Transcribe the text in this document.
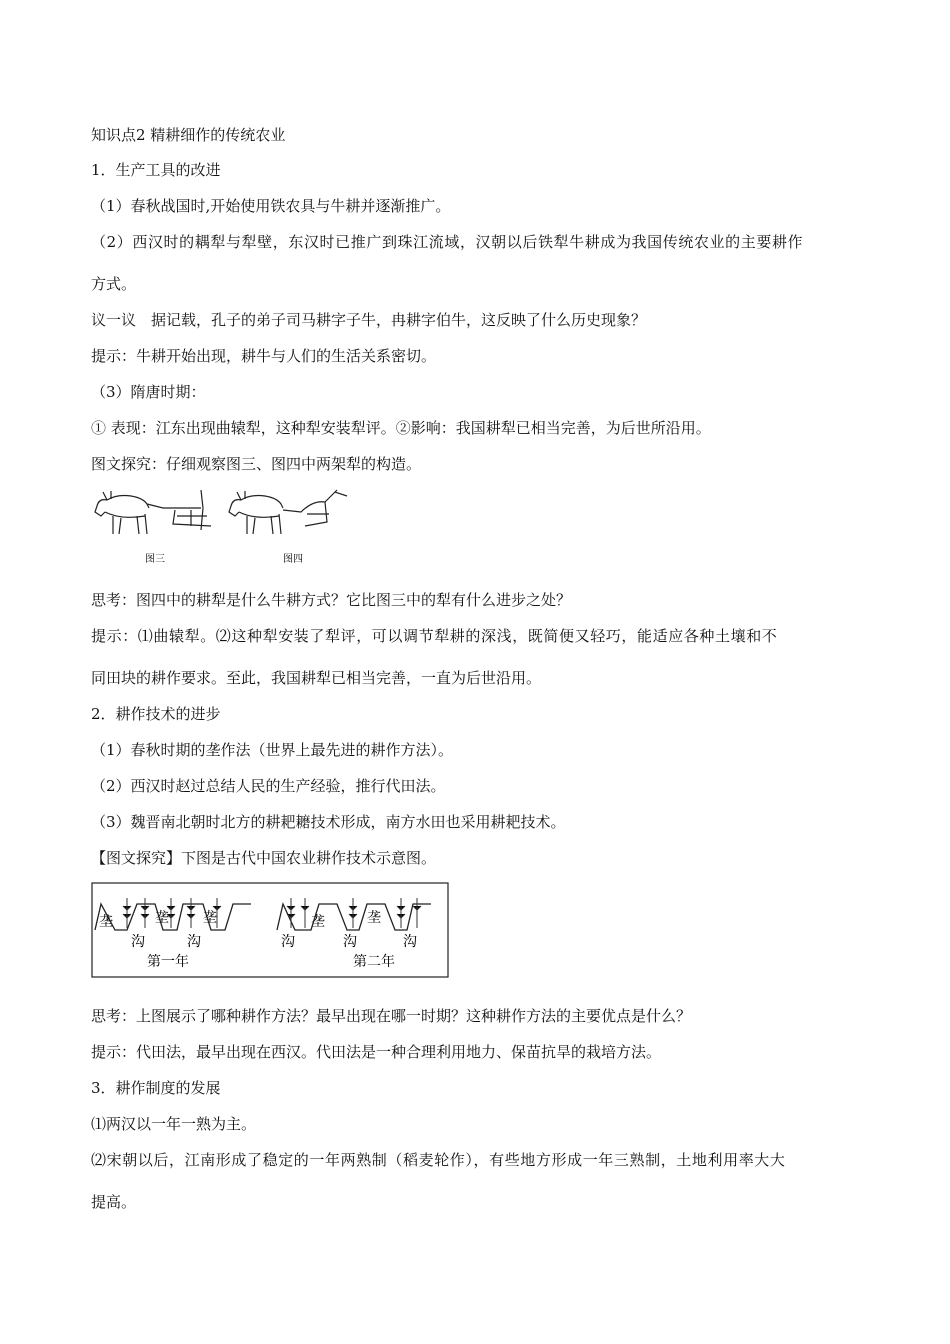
知识点2 精耕细作的传统农业
1．生产工具的改进
（1）春秋战国时,开始使用铁农具与牛耕并逐渐推广。
（2）西汉时的耦犁与犁壁，东汉时已推广到珠江流域，汉朝以后铁犁牛耕成为我国传统农业的主要耕作
方式。
议一议　据记载，孔子的弟子司马耕字子牛，冉耕字伯牛，这反映了什么历史现象？
提示：牛耕开始出现，耕牛与人们的生活关系密切。
（3）隋唐时期：
① 表现：江东出现曲辕犁，这种犁安装犁评。②影响：我国耕犁已相当完善，为后世所沿用。
图文探究：仔细观察图三、图四中两架犁的构造。
图三	图四
思考：图四中的耕犁是什么牛耕方式？它比图三中的犁有什么进步之处？
提示：⑴曲辕犁。⑵这种犁安装了犁评，可以调节犁耕的深浅，既简便又轻巧，能适应各种土壤和不
同田块的耕作要求。至此，我国耕犁已相当完善，一直为后世沿用。
2．耕作技术的进步
（1）春秋时期的垄作法（世界上最先进的耕作方法）。
（2）西汉时赵过总结人民的生产经验，推行代田法。
（3）魏晋南北朝时北方的耕耙耱技术形成，南方水田也采用耕耙技术。
【图文探究】下图是古代中国农业耕作技术示意图。
垄	垄 垄	垄	垄
沟	沟	沟	沟	沟
第一年	第二年
思考：上图展示了哪种耕作方法？最早出现在哪一时期？这种耕作方法的主要优点是什么？
提示：代田法，最早出现在西汉。代田法是一种合理利用地力、保苗抗旱的栽培方法。
3．耕作制度的发展
⑴两汉以一年一熟为主。
⑵宋朝以后，江南形成了稳定的一年两熟制（稻麦轮作），有些地方形成一年三熟制，土地利用率大大
提高。
